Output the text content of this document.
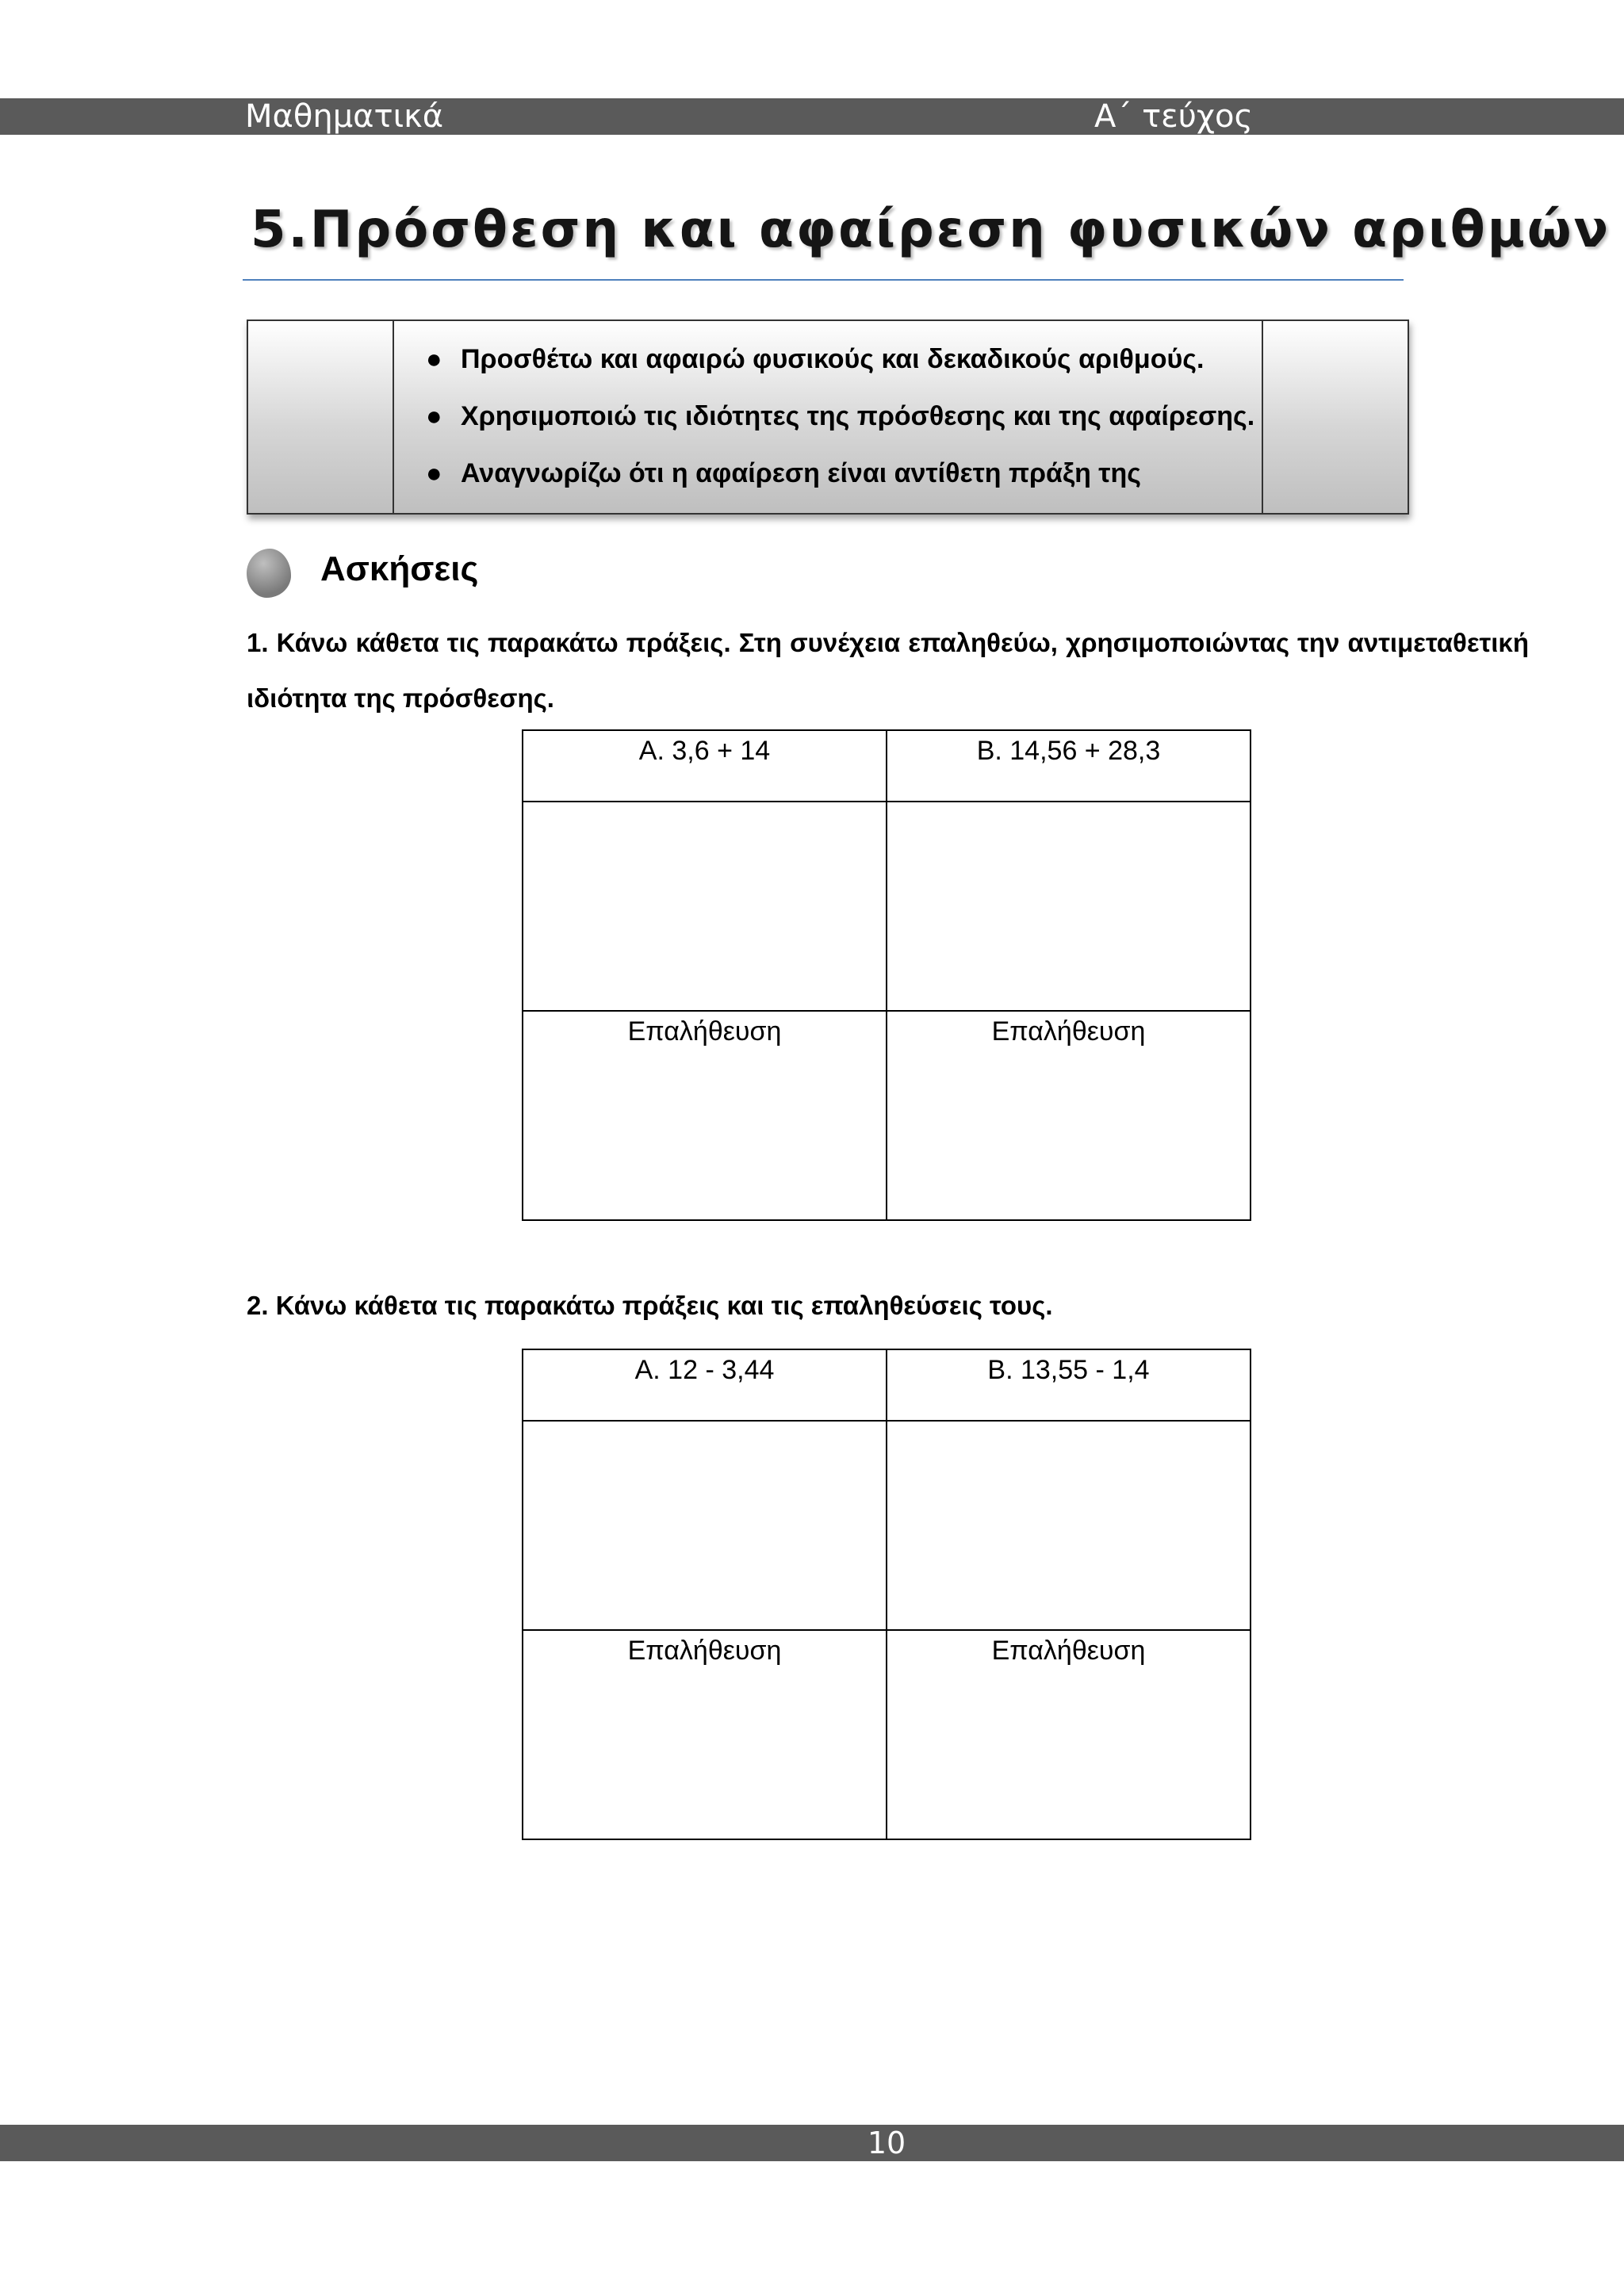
Μαθηματικά	Α΄ τεύχος
5.Πρόσθεση και αφαίρεση φυσικών αριθμών
● Προσθέτω και αφαιρώ φυσικούς και δεκαδικούς αριθμούς.
● Χρησιμοποιώ τις ιδιότητες της πρόσθεσης και της αφαίρεσης.
● Αναγνωρίζω ότι η αφαίρεση είναι αντίθετη πράξη της
Ασκήσεις
1. Κάνω κάθετα τις παρακάτω πράξεις. Στη συνέχεια επαληθεύω, χρησιμοποιώντας την αντιμεταθετική ιδιότητα της πρόσθεσης.
Α. 3,6 + 14	Β. 14,56 + 28,3

Επαλήθευση	Επαλήθευση
2. Κάνω κάθετα τις παρακάτω πράξεις και τις επαληθεύσεις τους.
Α. 12 - 3,44	Β. 13,55 - 1,4

Επαλήθευση	Επαλήθευση
10
